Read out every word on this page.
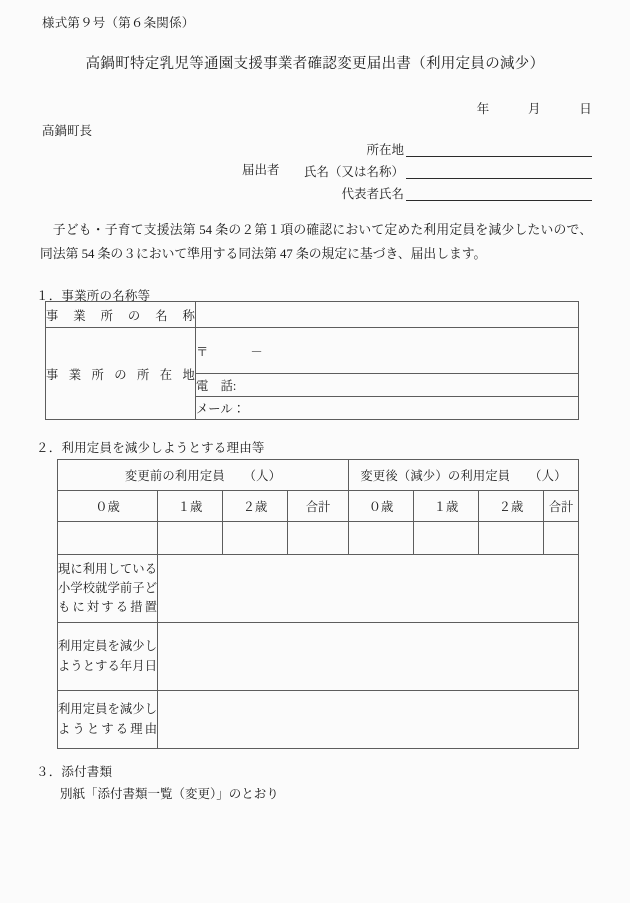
様式第９号（第６条関係）
高鍋町特定乳児等通園支援事業者確認変更届出書（利用定員の減少）
年　　　月　　　日
高鍋町長
所在地
届出者 氏名（又は名称）
代表者氏名
子ども・子育て支援法第 54 条の２第１項の確認において定めた利用定員を減少したいので、同法第 54 条の３において準用する同法第 47 条の規定に基づき、届出します。
１．事業所の名称等
事業所の名称	
事業所の所在地	〒 －
	電　話:
	メール：
２．利用定員を減少しようとする理由等
変更前の利用定員　　（人）				変更後（減少）の利用定員　　（人）			
０歳	１歳	２歳	合計	０歳	１歳	２歳	合計

現に利用している小学校就学前子どもに対する措置							
利用定員を減少しようとする年月日							
利用定員を減少しようとする理由							
３．添付書類
別紙「添付書類一覧（変更）」のとおり
